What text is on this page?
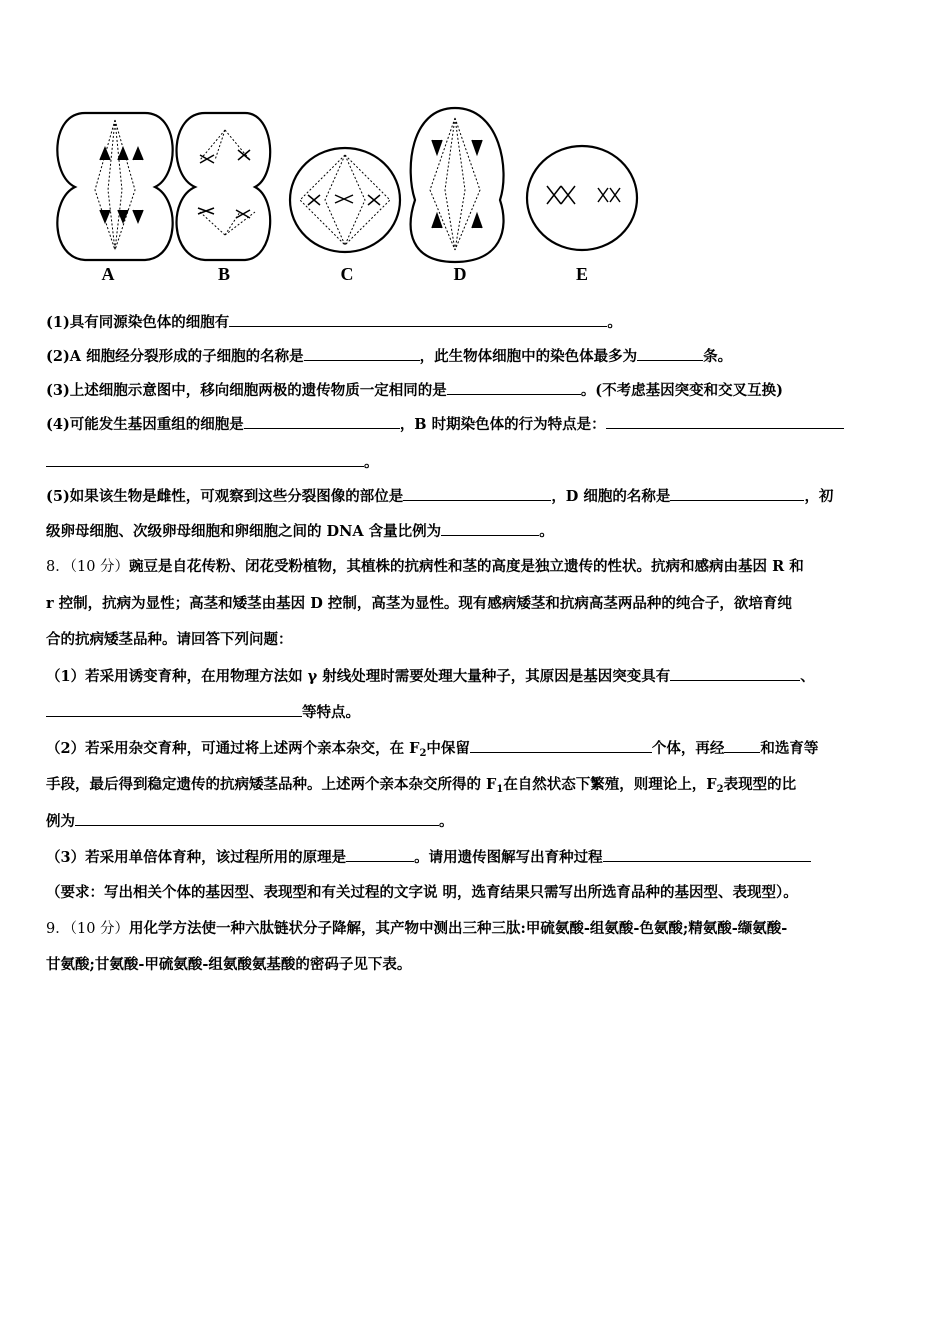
A	B	C	D	E
(1)具有同源染色体的细胞有	。
(2)A 细胞经分裂形成的子细胞的名称是	，此生物体细胞中的染色体最多为	条。
(3)上述细胞示意图中，移向细胞两极的遗传物质一定相同的是	。(不考虑基因突变和交叉互换)
(4)可能发生基因重组的细胞是	，B 时期染色体的行为特点是：
。
(5)如果该生物是雌性，可观察到这些分裂图像的部位是	，D 细胞的名称是	，初
级卵母细胞、次级卵母细胞和卵细胞之间的 DNA 含量比例为	。
8．（10 分）豌豆是自花传粉、闭花受粉植物，其植株的抗病性和茎的高度是独立遗传的性状。抗病和感病由基因 R 和
r 控制，抗病为显性；高茎和矮茎由基因 D 控制，高茎为显性。现有感病矮茎和抗病高茎两品种的纯合子，欲培育纯
合的抗病矮茎品种。请回答下列问题：
（1）若采用诱变育种，在用物理方法如 γ 射线处理时需要处理大量种子，其原因是基因突变具有	、
等特点。
（2）若采用杂交育种，可通过将上述两个亲本杂交，在 $F_2$中保留	个体，再经 和选育等
手段，最后得到稳定遗传的抗病矮茎品种。上述两个亲本杂交所得的 $F_1$在自然状态下繁殖，则理论上，$F_2$表现型的比
例为	。
（3）若采用单倍体育种，该过程所用的原理是	。请用遗传图解写出育种过程
（要求：写出相关个体的基因型、表现型和有关过程的文字说 明，选育结果只需写出所选育品种的基因型、表现型）。
9．（10 分）用化学方法使一种六肽链状分子降解，其产物中测出三种三肽:甲硫氨酸-组氨酸-色氨酸;精氨酸-缬氨酸-
甘氨酸;甘氨酸-甲硫氨酸-组氨酸氨基酸的密码子见下表。
